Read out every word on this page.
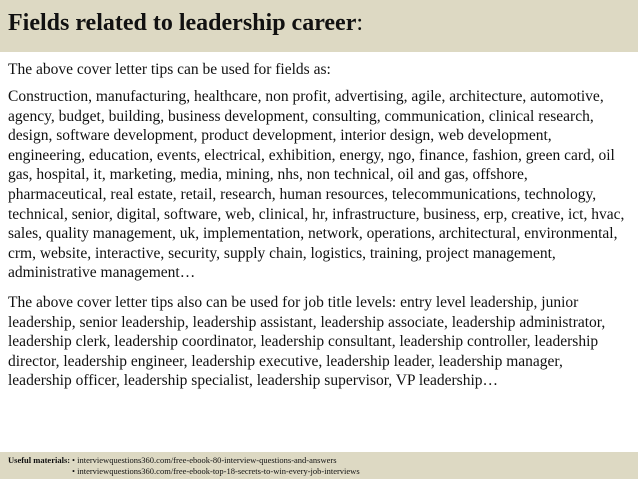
Fields related to leadership career:

The above cover letter tips can be used for fields as:

Construction, manufacturing, healthcare, non profit, advertising, agile, architecture, automotive, agency, budget, building, business development, consulting, communication, clinical research, design, software development, product development, interior design, web development, engineering, education, events, electrical, exhibition, energy, ngo, finance, fashion, green card, oil gas, hospital, it, marketing, media, mining, nhs, non technical, oil and gas, offshore, pharmaceutical, real estate, retail, research, human resources, telecommunications, technology, technical, senior, digital, software, web, clinical, hr, infrastructure, business, erp, creative, ict, hvac, sales, quality management, uk, implementation, network, operations, architectural, environmental, crm, website, interactive, security, supply chain, logistics, training, project management, administrative management…

The above cover letter tips also can be used for job title levels: entry level leadership, junior leadership, senior leadership, leadership assistant, leadership associate, leadership administrator, leadership clerk, leadership coordinator, leadership consultant, leadership controller, leadership director, leadership engineer, leadership executive, leadership leader, leadership manager, leadership officer, leadership specialist, leadership supervisor, VP leadership…

Useful materials: • interviewquestions360.com/free-ebook-80-interview-questions-and-answers
• interviewquestions360.com/free-ebook-top-18-secrets-to-win-every-job-interviews
